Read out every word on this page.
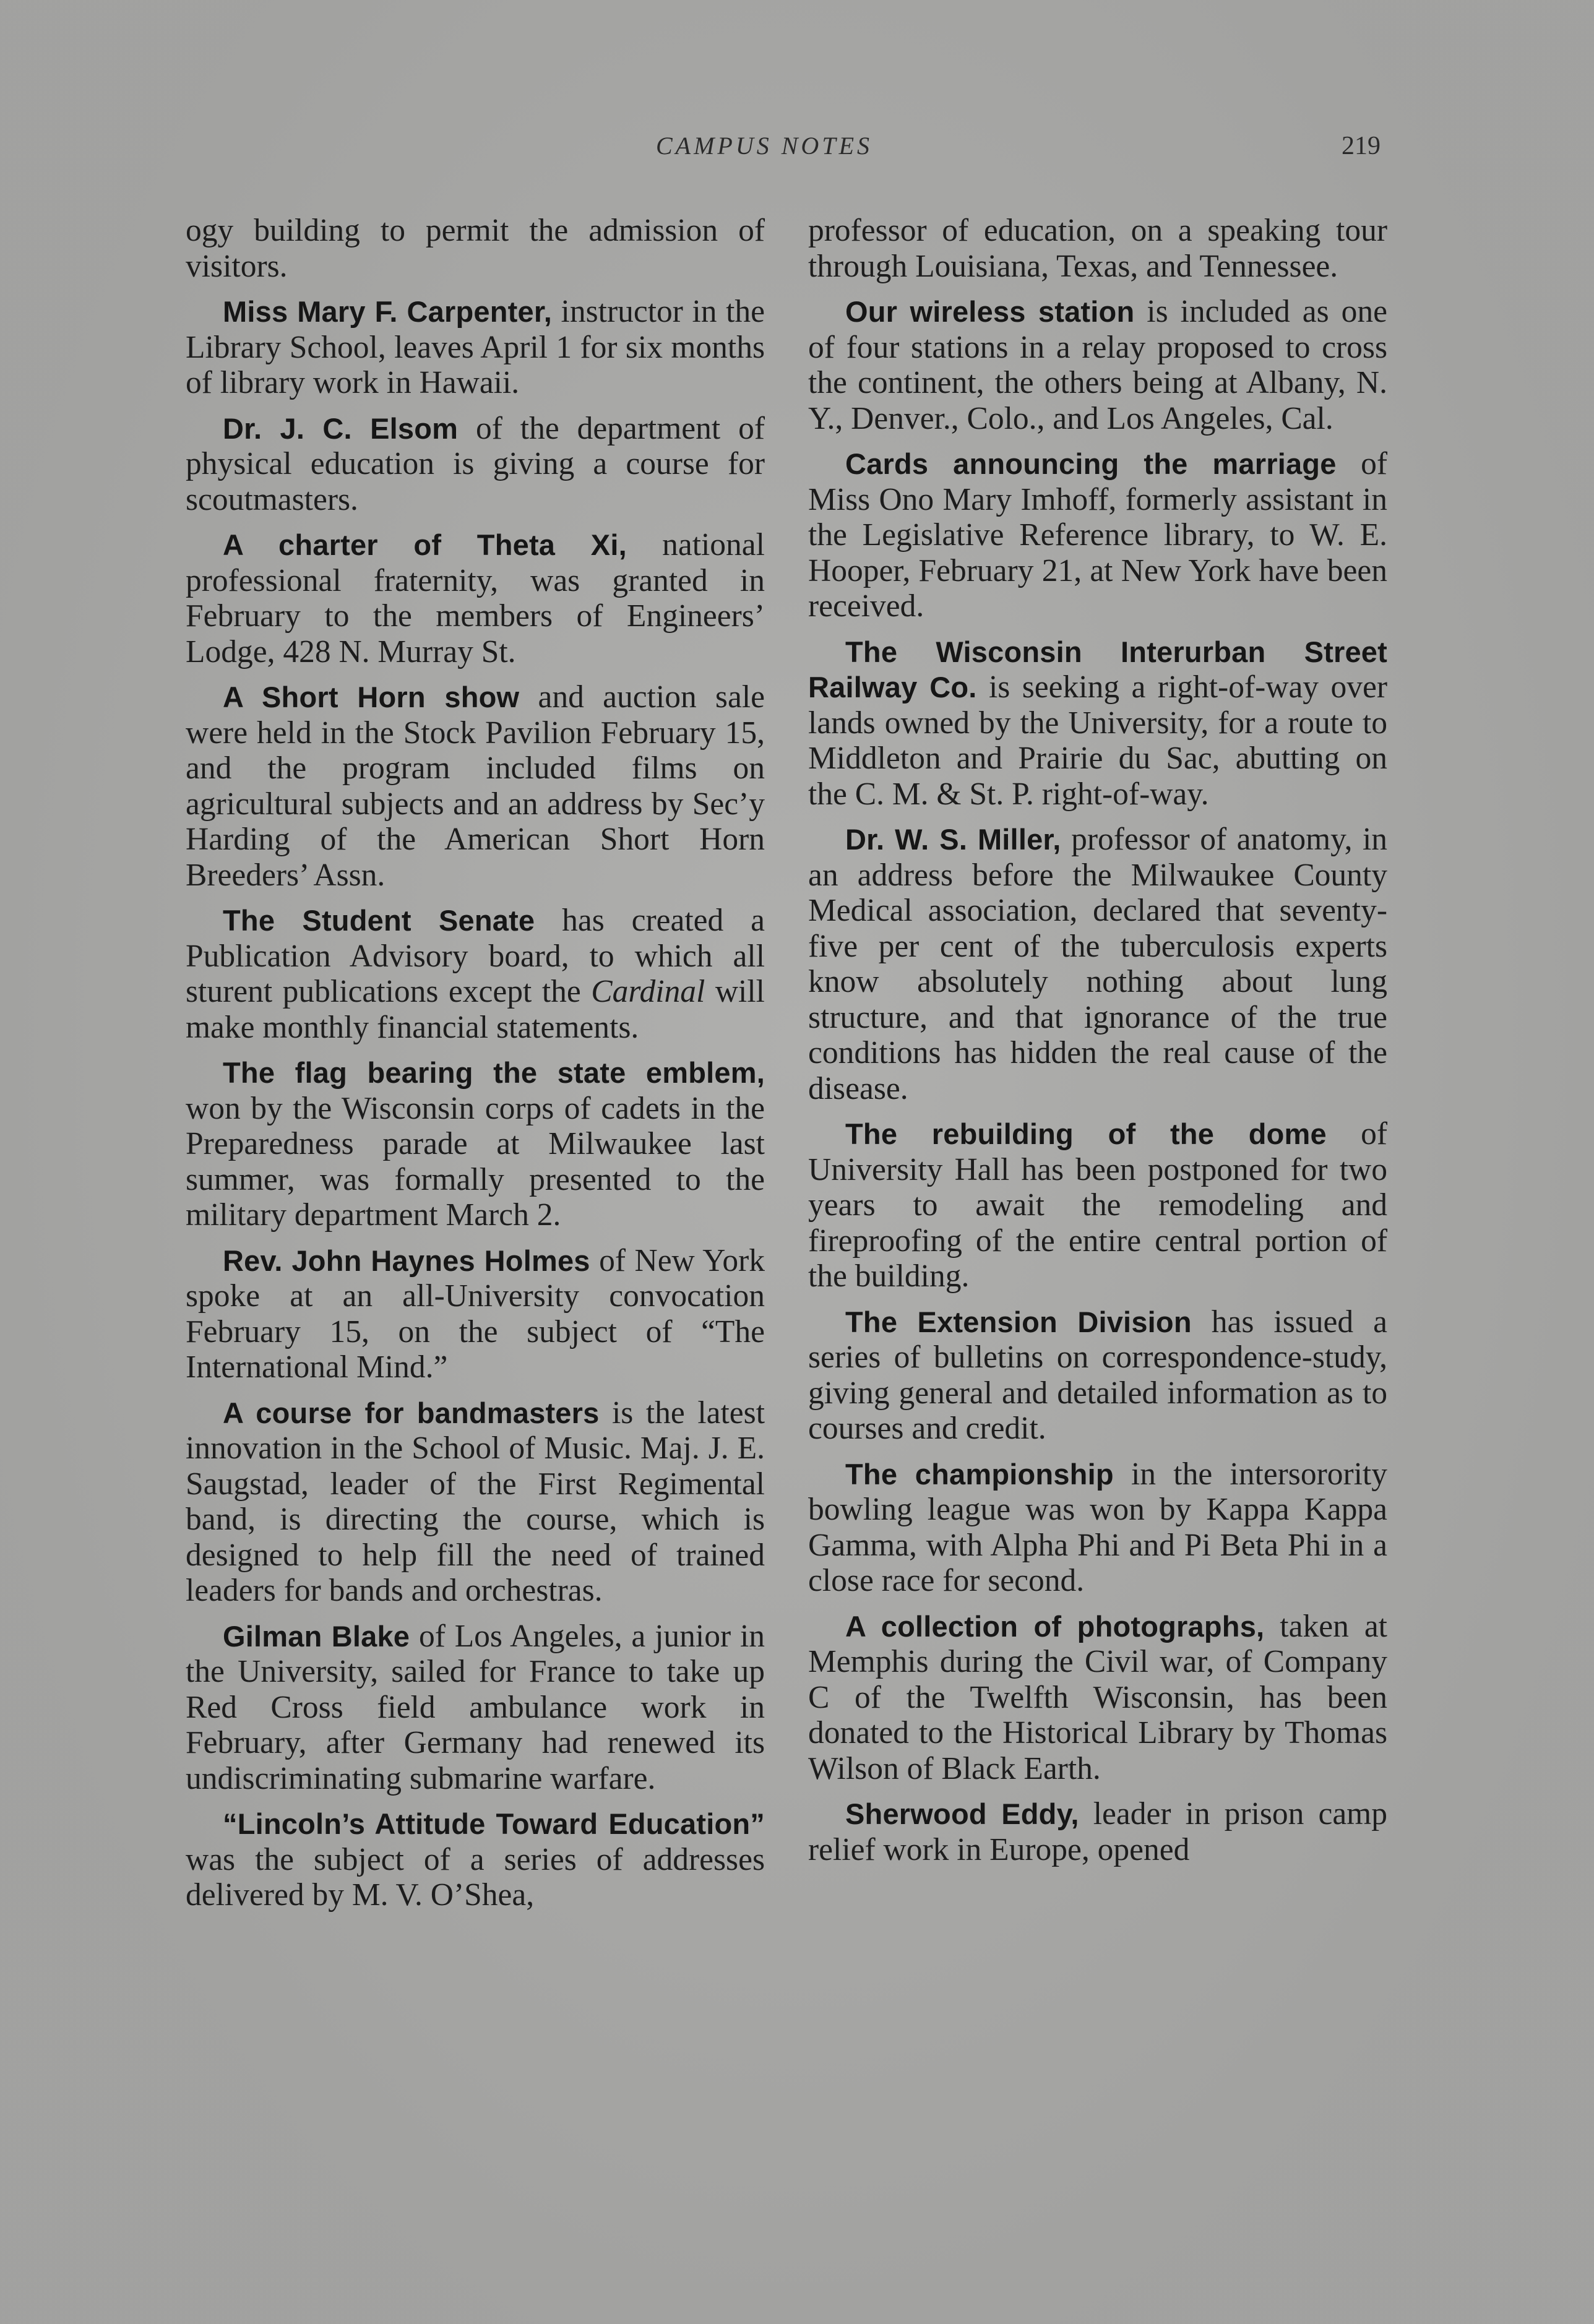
CAMPUS NOTES	219

ogy building to permit the admission of visitors.

Miss Mary F. Carpenter, instructor in the Library School, leaves April 1 for six months of library work in Hawaii.

Dr. J. C. Elsom of the department of physical education is giving a course for scoutmasters.

A charter of Theta Xi, national professional fraternity, was granted in February to the members of Engineers’ Lodge, 428 N. Murray St.

A Short Horn show and auction sale were held in the Stock Pavilion February 15, and the program included films on agricultural subjects and an address by Sec’y Harding of the American Short Horn Breeders’ Assn.

The Student Senate has created a Publication Advisory board, to which all sturent publications except the Cardinal will make monthly financial statements.

The flag bearing the state emblem, won by the Wisconsin corps of cadets in the Preparedness parade at Milwaukee last summer, was formally presented to the military department March 2.

Rev. John Haynes Holmes of New York spoke at an all-University convocation February 15, on the subject of “The International Mind.”

A course for bandmasters is the latest innovation in the School of Music. Maj. J. E. Saugstad, leader of the First Regimental band, is directing the course, which is designed to help fill the need of trained leaders for bands and orchestras.

Gilman Blake of Los Angeles, a junior in the University, sailed for France to take up Red Cross field ambulance work in February, after Germany had renewed its undiscriminating submarine warfare.

“Lincoln’s Attitude Toward Education” was the subject of a series of addresses delivered by M. V. O’Shea,

professor of education, on a speaking tour through Louisiana, Texas, and Tennessee.

Our wireless station is included as one of four stations in a relay proposed to cross the continent, the others being at Albany, N. Y., Denver., Colo., and Los Angeles, Cal.

Cards announcing the marriage of Miss Ono Mary Imhoff, formerly assistant in the Legislative Reference library, to W. E. Hooper, February 21, at New York have been received.

The Wisconsin Interurban Street Railway Co. is seeking a right-of-way over lands owned by the University, for a route to Middleton and Prairie du Sac, abutting on the C. M. & St. P. right-of-way.

Dr. W. S. Miller, professor of anatomy, in an address before the Milwaukee County Medical association, declared that seventy-five per cent of the tuberculosis experts know absolutely nothing about lung structure, and that ignorance of the true conditions has hidden the real cause of the disease.

The rebuilding of the dome of University Hall has been postponed for two years to await the remodeling and fireproofing of the entire central portion of the building.

The Extension Division has issued a series of bulletins on correspondence-study, giving general and detailed information as to courses and credit.

The championship in the intersorority bowling league was won by Kappa Kappa Gamma, with Alpha Phi and Pi Beta Phi in a close race for second.

A collection of photographs, taken at Memphis during the Civil war, of Company C of the Twelfth Wisconsin, has been donated to the Historical Library by Thomas Wilson of Black Earth.

Sherwood Eddy, leader in prison camp relief work in Europe, opened
